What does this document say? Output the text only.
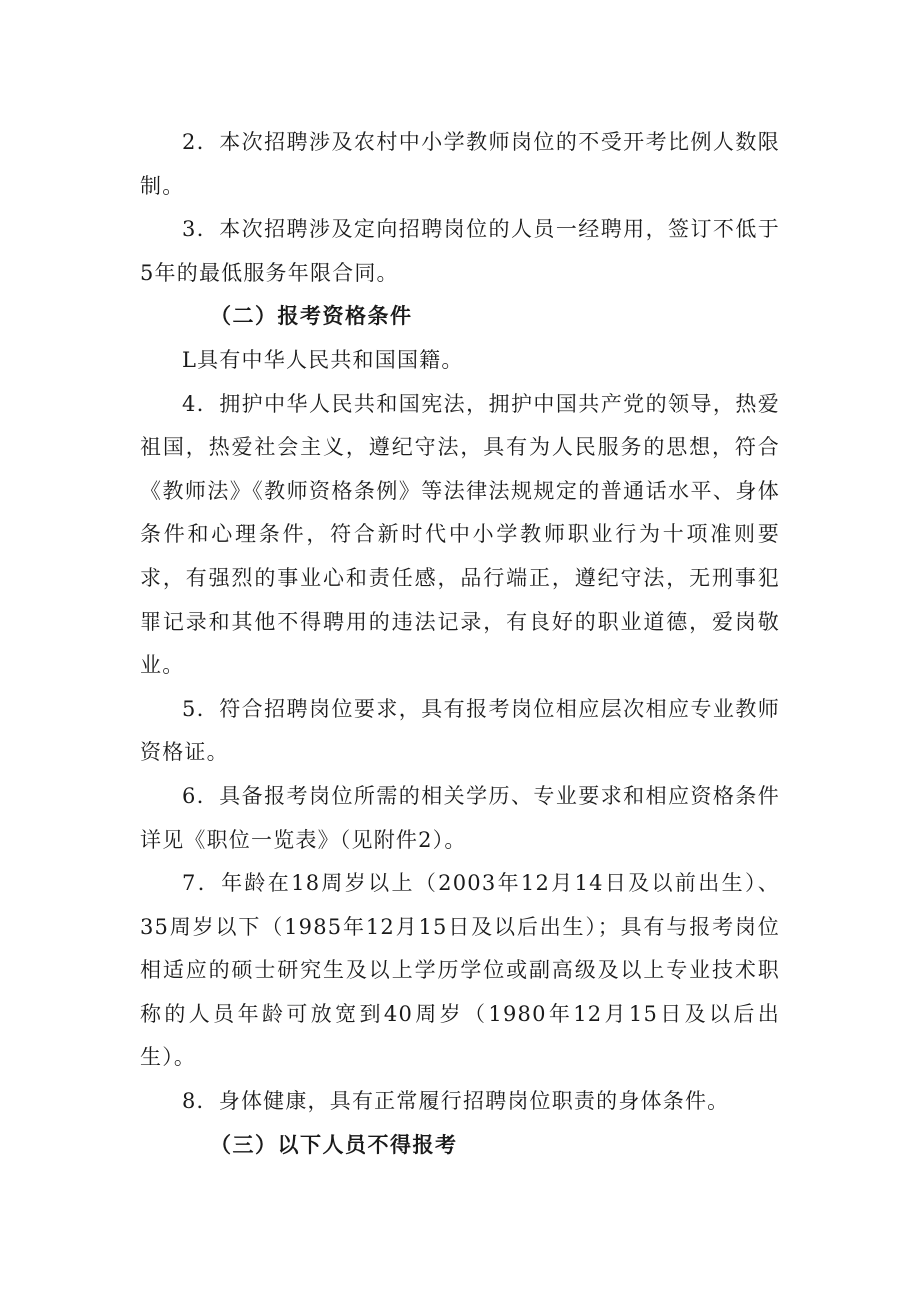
2．本次招聘涉及农村中小学教师岗位的不受开考比例人数限制。

3．本次招聘涉及定向招聘岗位的人员一经聘用，签订不低于5年的最低服务年限合同。

（二）报考资格条件

L具有中华人民共和国国籍。

4．拥护中华人民共和国宪法，拥护中国共产党的领导，热爱祖国，热爱社会主义，遵纪守法，具有为人民服务的思想，符合《教师法》《教师资格条例》等法律法规规定的普通话水平、身体条件和心理条件，符合新时代中小学教师职业行为十项准则要求，有强烈的事业心和责任感，品行端正，遵纪守法，无刑事犯罪记录和其他不得聘用的违法记录，有良好的职业道德，爱岗敬业。

5．符合招聘岗位要求，具有报考岗位相应层次相应专业教师资格证。

6．具备报考岗位所需的相关学历、专业要求和相应资格条件详见《职位一览表》（见附件2）。

7．年龄在18周岁以上（2003年12月14日及以前出生）、35周岁以下（1985年12月15日及以后出生）；具有与报考岗位相适应的硕士研究生及以上学历学位或副高级及以上专业技术职称的人员年龄可放宽到40周岁（1980年12月15日及以后出生）。

8．身体健康，具有正常履行招聘岗位职责的身体条件。

（三）以下人员不得报考
